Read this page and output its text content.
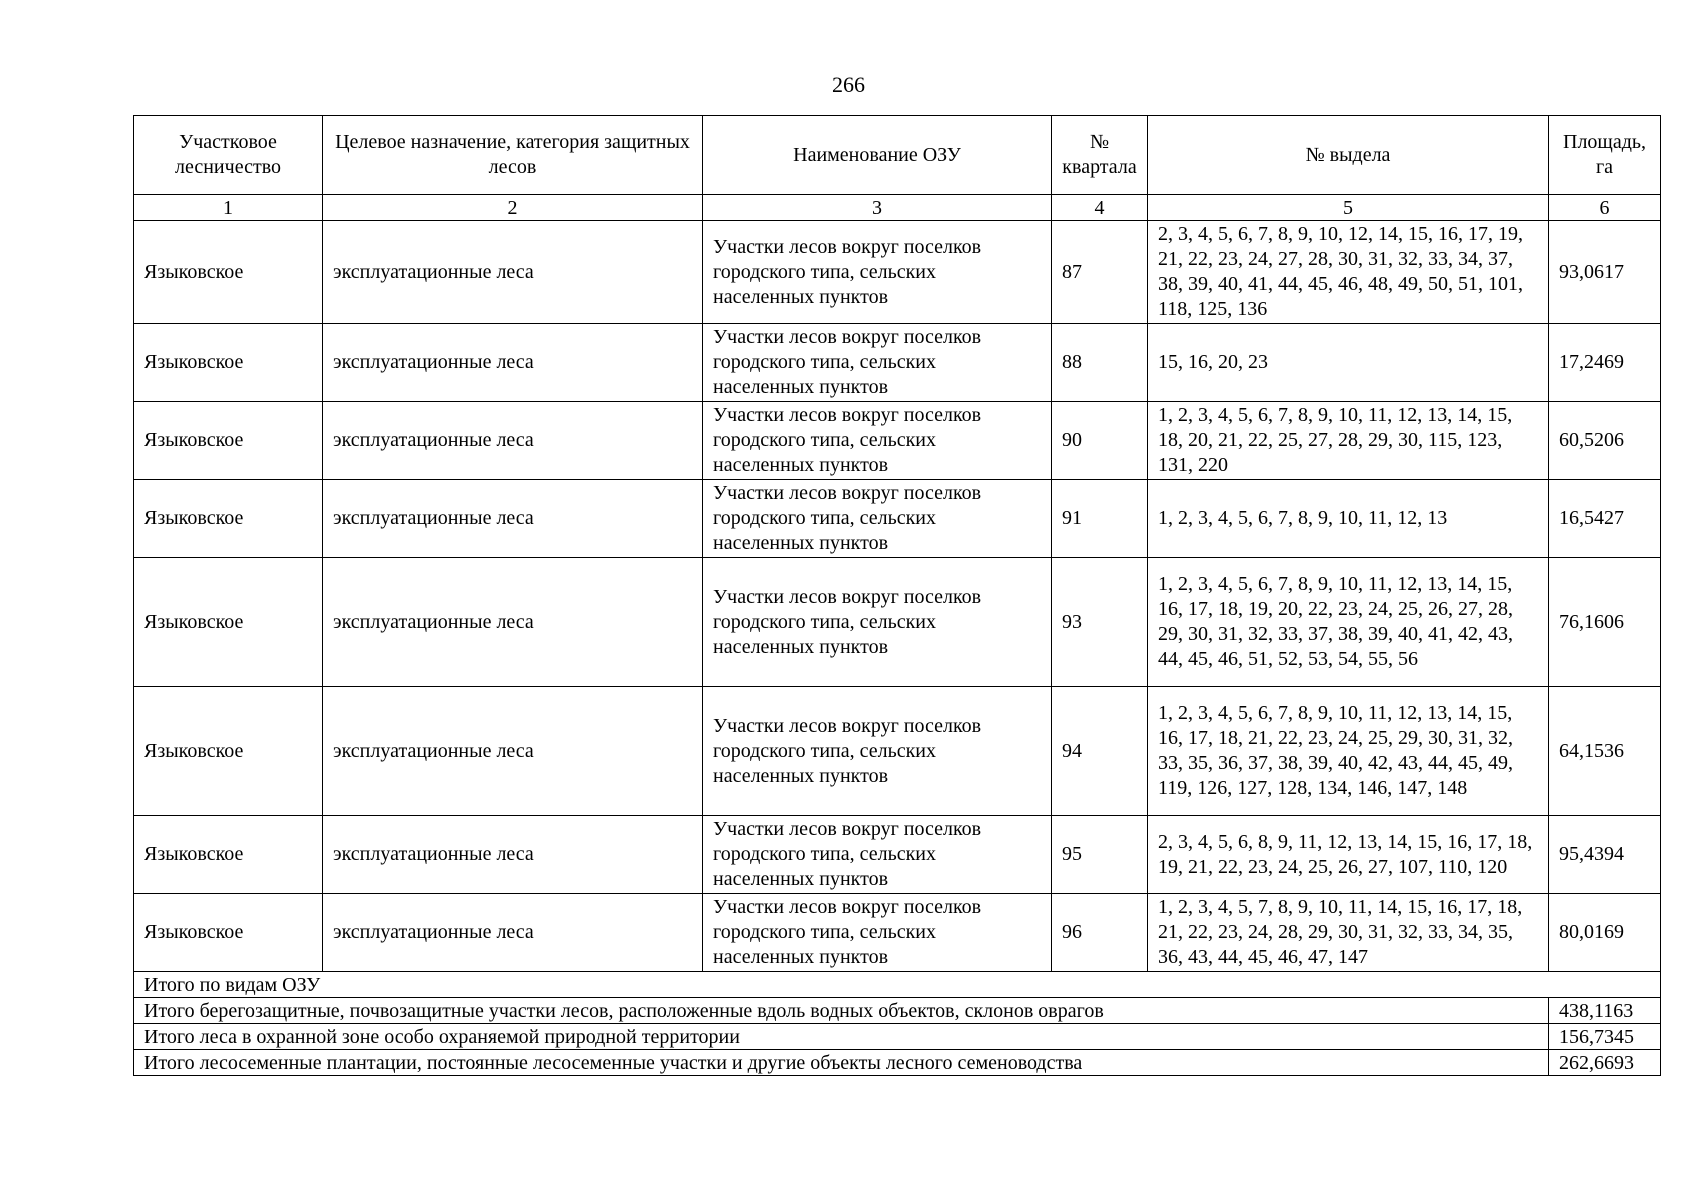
266
Участковое лесничество	Целевое назначение, категория защитных лесов	Наименование ОЗУ	№ квартала	№ выдела	Площадь, га
1	2	3	4	5	6
Языковское	эксплуатационные леса	Участки лесов вокруг поселков городского типа, сельских населенных пунктов	87	2, 3, 4, 5, 6, 7, 8, 9, 10, 12, 14, 15, 16, 17, 19, 21, 22, 23, 24, 27, 28, 30, 31, 32, 33, 34, 37, 38, 39, 40, 41, 44, 45, 46, 48, 49, 50, 51, 101, 118, 125, 136	93,0617
Языковское	эксплуатационные леса	Участки лесов вокруг поселков городского типа, сельских населенных пунктов	88	15, 16, 20, 23	17,2469
Языковское	эксплуатационные леса	Участки лесов вокруг поселков городского типа, сельских населенных пунктов	90	1, 2, 3, 4, 5, 6, 7, 8, 9, 10, 11, 12, 13, 14, 15, 18, 20, 21, 22, 25, 27, 28, 29, 30, 115, 123, 131, 220	60,5206
Языковское	эксплуатационные леса	Участки лесов вокруг поселков городского типа, сельских населенных пунктов	91	1, 2, 3, 4, 5, 6, 7, 8, 9, 10, 11, 12, 13	16,5427
Языковское	эксплуатационные леса	Участки лесов вокруг поселков городского типа, сельских населенных пунктов	93	1, 2, 3, 4, 5, 6, 7, 8, 9, 10, 11, 12, 13, 14, 15, 16, 17, 18, 19, 20, 22, 23, 24, 25, 26, 27, 28, 29, 30, 31, 32, 33, 37, 38, 39, 40, 41, 42, 43, 44, 45, 46, 51, 52, 53, 54, 55, 56	76,1606
Языковское	эксплуатационные леса	Участки лесов вокруг поселков городского типа, сельских населенных пунктов	94	1, 2, 3, 4, 5, 6, 7, 8, 9, 10, 11, 12, 13, 14, 15, 16, 17, 18, 21, 22, 23, 24, 25, 29, 30, 31, 32, 33, 35, 36, 37, 38, 39, 40, 42, 43, 44, 45, 49, 119, 126, 127, 128, 134, 146, 147, 148	64,1536
Языковское	эксплуатационные леса	Участки лесов вокруг поселков городского типа, сельских населенных пунктов	95	2, 3, 4, 5, 6, 8, 9, 11, 12, 13, 14, 15, 16, 17, 18, 19, 21, 22, 23, 24, 25, 26, 27, 107, 110, 120	95,4394
Языковское	эксплуатационные леса	Участки лесов вокруг поселков городского типа, сельских населенных пунктов	96	1, 2, 3, 4, 5, 7, 8, 9, 10, 11, 14, 15, 16, 17, 18, 21, 22, 23, 24, 28, 29, 30, 31, 32, 33, 34, 35, 36, 43, 44, 45, 46, 47, 147	80,0169
Итого по видам ОЗУ					
Итого берегозащитные, почвозащитные участки лесов, расположенные вдоль водных объектов, склонов оврагов					438,1163
Итого леса в охранной зоне особо охраняемой природной территории					156,7345
Итого лесосеменные плантации, постоянные лесосеменные участки и другие объекты лесного семеноводства					262,6693
